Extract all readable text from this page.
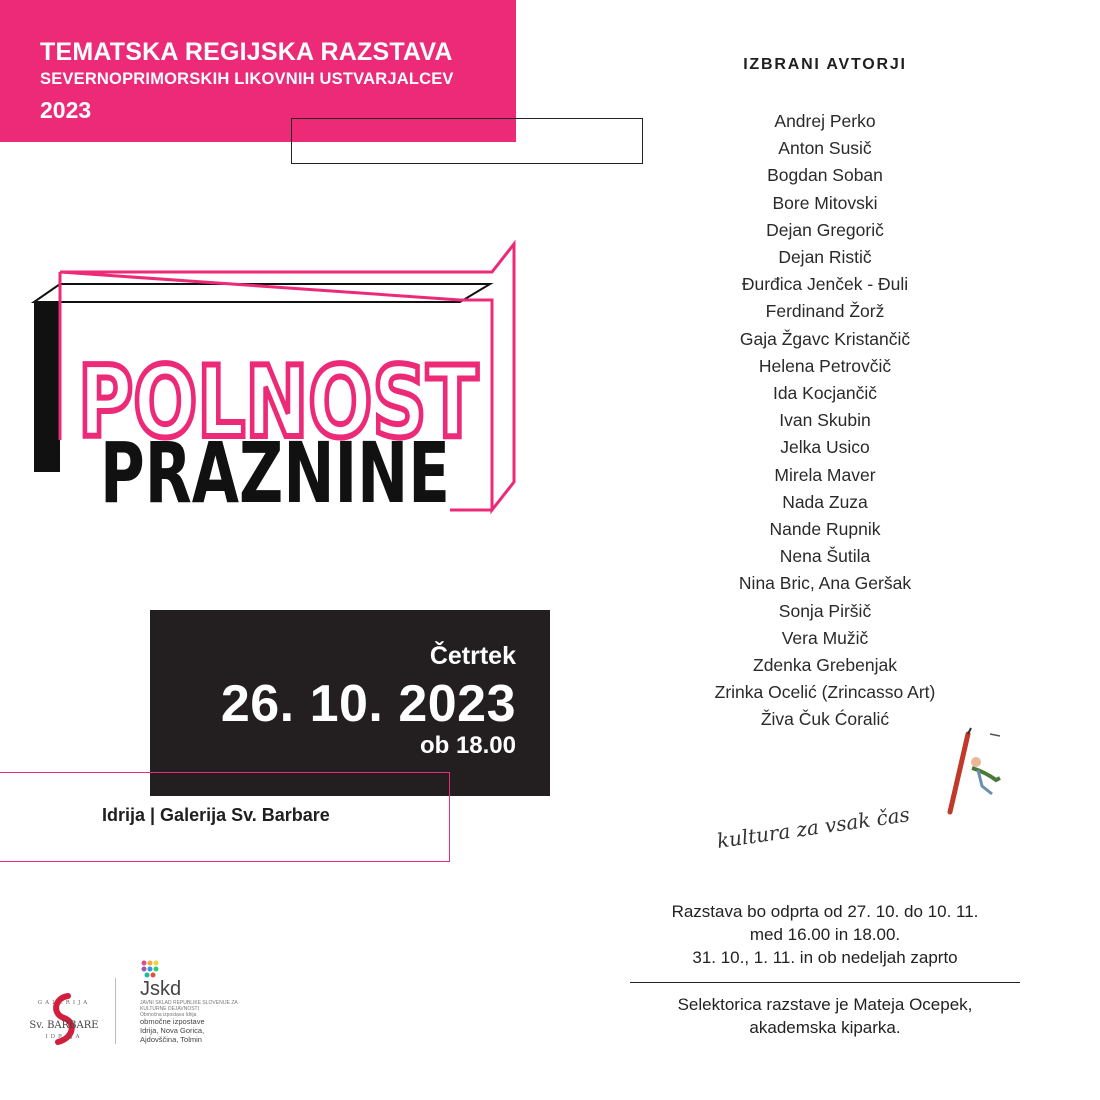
TEMATSKA REGIJSKA RAZSTAVA
SEVERNOPRIMORSKIH LIKOVNIH USTVARJALCEV
2023
PRAZNINE
POLNOST
Četrtek
26. 10. 2023
ob 18.00
Idrija | Galerija Sv. Barbare
IZBRANI AVTORJI
Andrej Perko
Anton Susič
Bogdan Soban
Bore Mitovski
Dejan Gregorič
Dejan Ristič
Đurđica Jenček - Đuli
Ferdinand Žorž
Gaja Žgavc Kristančič
Helena Petrovčič
Ida Kocjančič
Ivan Skubin
Jelka Usico
Mirela Maver
Nada Zuza
Nande Rupnik
Nena Šutila
Nina Bric, Ana Geršak
Sonja Piršič
Vera Mužič
Zdenka Grebenjak
Zrinka Ocelić (Zrincasso Art)
Živa Čuk Ćoralić
kultura za vsak čas
Razstava bo odprta od 27. 10. do 10. 11.
med 16.00 in 18.00.
31. 10., 1. 11. in ob nedeljah zaprto
Selektorica razstave je Mateja Ocepek,
akademska kiparka.
GALERIJA
Sv. BARBARE
IDRIJA
Jskd
JAVNI SKLAD REPUBLIKE SLOVENIJE ZA KULTURNE DEJAVNOSTI
Območna izpostava Idrija
območne izpostave
Idrija, Nova Gorica,
Ajdovščina, Tolmin
